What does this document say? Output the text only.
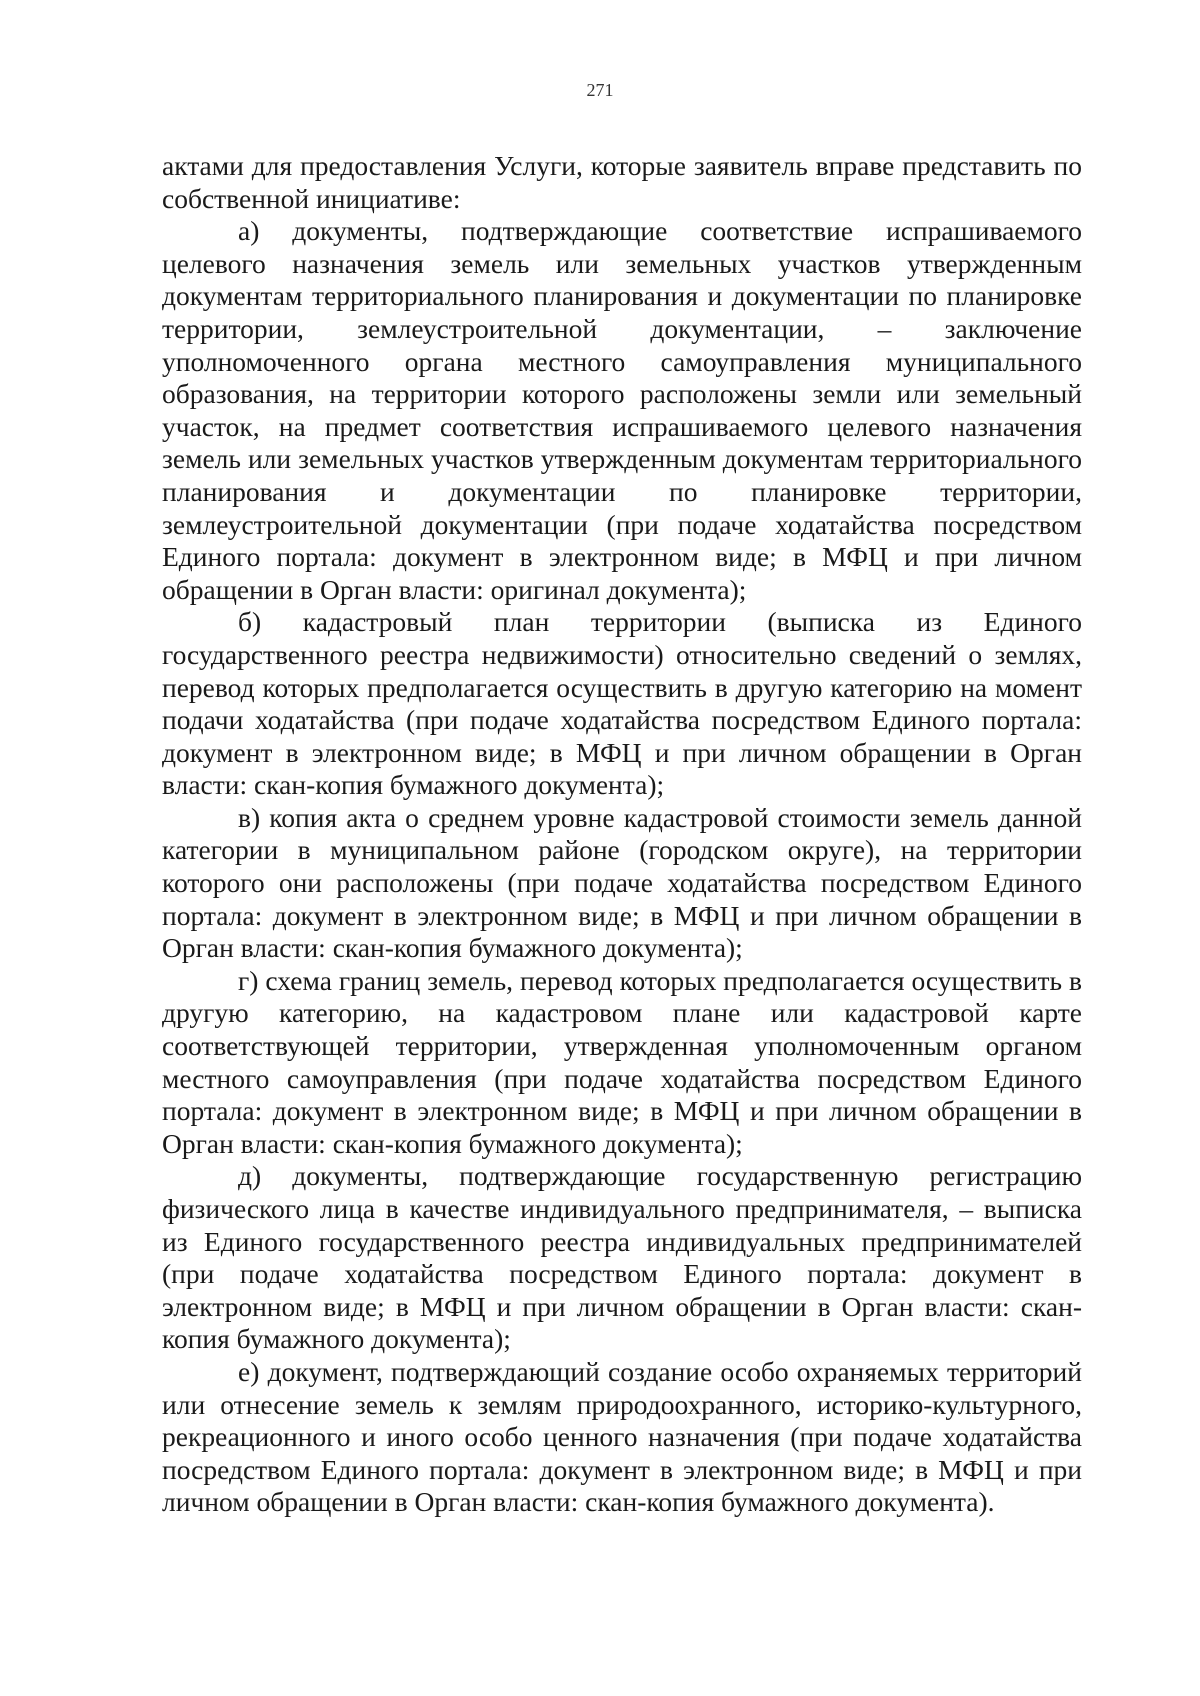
271

актами для предоставления Услуги, которые заявитель вправе представить по собственной инициативе:

а) документы, подтверждающие соответствие испрашиваемого целевого назначения земель или земельных участков утвержденным документам территориального планирования и документации по планировке территории, землеустроительной документации, – заключение уполномоченного органа местного самоуправления муниципального образования, на территории которого расположены земли или земельный участок, на предмет соответствия испрашиваемого целевого назначения земель или земельных участков утвержденным документам территориального планирования и документации по планировке территории, землеустроительной документации (при подаче ходатайства посредством Единого портала: документ в электронном виде; в МФЦ и при личном обращении в Орган власти: оригинал документа);

б) кадастровый план территории (выписка из Единого государственного реестра недвижимости) относительно сведений о землях, перевод которых предполагается осуществить в другую категорию на момент подачи ходатайства (при подаче ходатайства посредством Единого портала: документ в электронном виде; в МФЦ и при личном обращении в Орган власти: скан-копия бумажного документа);

в) копия акта о среднем уровне кадастровой стоимости земель данной категории в муниципальном районе (городском округе), на территории которого они расположены (при подаче ходатайства посредством Единого портала: документ в электронном виде; в МФЦ и при личном обращении в Орган власти: скан-копия бумажного документа);

г) схема границ земель, перевод которых предполагается осуществить в другую категорию, на кадастровом плане или кадастровой карте соответствующей территории, утвержденная уполномоченным органом местного самоуправления (при подаче ходатайства посредством Единого портала: документ в электронном виде; в МФЦ и при личном обращении в Орган власти: скан-копия бумажного документа);

д) документы, подтверждающие государственную регистрацию физического лица в качестве индивидуального предпринимателя, – выписка из Единого государственного реестра индивидуальных предпринимателей (при подаче ходатайства посредством Единого портала: документ в электронном виде; в МФЦ и при личном обращении в Орган власти: скан-копия бумажного документа);

е) документ, подтверждающий создание особо охраняемых территорий или отнесение земель к землям природоохранного, историко-культурного, рекреационного и иного особо ценного назначения (при подаче ходатайства посредством Единого портала: документ в электронном виде; в МФЦ и при личном обращении в Орган власти: скан-копия бумажного документа).
